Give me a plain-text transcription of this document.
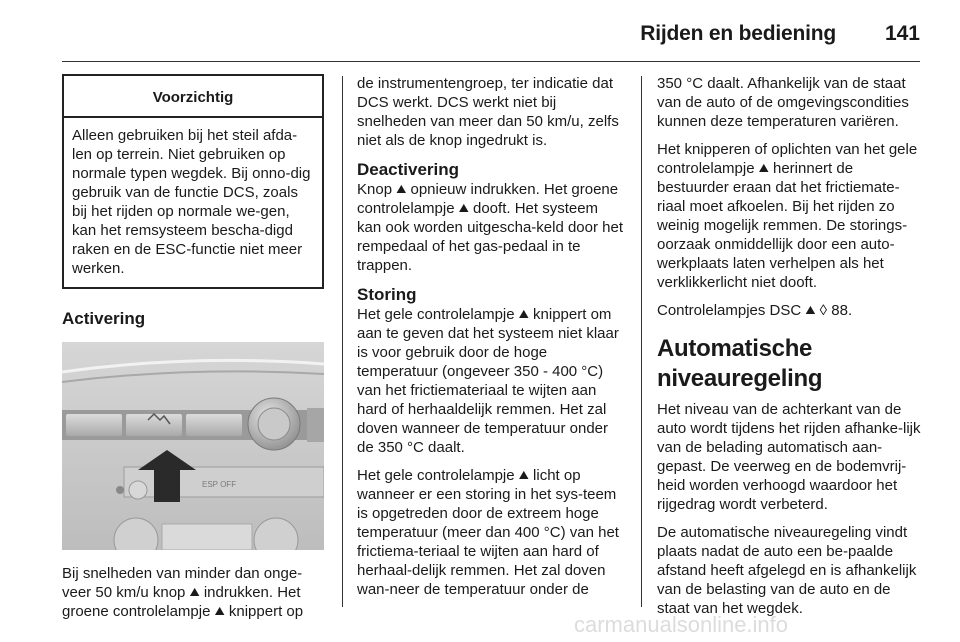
Rijden en bediening 141
Voorzichtig
Alleen gebruiken bij het steil afda-len op terrein. Niet gebruiken op normale typen wegdek. Bij onno-dig gebruik van de functie DCS, zoals bij het rijden op normale we-gen, kan het remsysteem bescha-digd raken en de ESC-functie niet meer werken.
Activering
ESP OFF

Bij snelheden van minder dan onge-veer 50 km/u knop ⛰ indrukken. Het groene controlelampje ⛰ knippert op

de instrumentengroep, ter indicatie dat DCS werkt. DCS werkt niet bij snelheden van meer dan 50 km/u, zelfs niet als de knop ingedrukt is.

Deactivering

Knop ⛰ opnieuw indrukken. Het groene controlelampje ⛰ dooft. Het systeem kan ook worden uitgescha-keld door het rempedaal of het gas-pedaal in te trappen.

Storing

Het gele controlelampje ⛰ knippert om aan te geven dat het systeem niet klaar is voor gebruik door de hoge temperatuur (ongeveer 350 - 400 °C) van het frictiemateriaal te wijten aan hard of herhaaldelijk remmen. Het zal doven wanneer de temperatuur onder de 350 °C daalt.

Het gele controlelampje ⛰ licht op wanneer er een storing in het sys-teem is opgetreden door de extreem hoge temperatuur (meer dan 400 °C) van het frictiema-teriaal te wijten aan hard of herhaal-delijk remmen. Het zal doven wan-neer de temperatuur onder de

350 °C daalt. Afhankelijk van de staat van de auto of de omgevingscondities kunnen deze temperaturen variëren.

Het knipperen of oplichten van het gele controlelampje ⛰ herinnert de bestuurder eraan dat het frictiemate-riaal moet afkoelen. Bij het rijden zo weinig mogelijk remmen. De storings-oorzaak onmiddellijk door een auto-werkplaats laten verhelpen als het verklikkerlicht niet dooft.

Controlelampjes DSC ⛰ ◊ 88.

Automatische niveauregeling

Het niveau van de achterkant van de auto wordt tijdens het rijden afhanke-lijk van de belading automatisch aan-gepast. De veerweg en de bodemvrij-heid worden verhoogd waardoor het rijgedrag wordt verbeterd.

De automatische niveauregeling vindt plaats nadat de auto een be-paalde afstand heeft afgelegd en is afhankelijk van de belasting van de auto en de staat van het wegdek.

carmanualsonline.info
